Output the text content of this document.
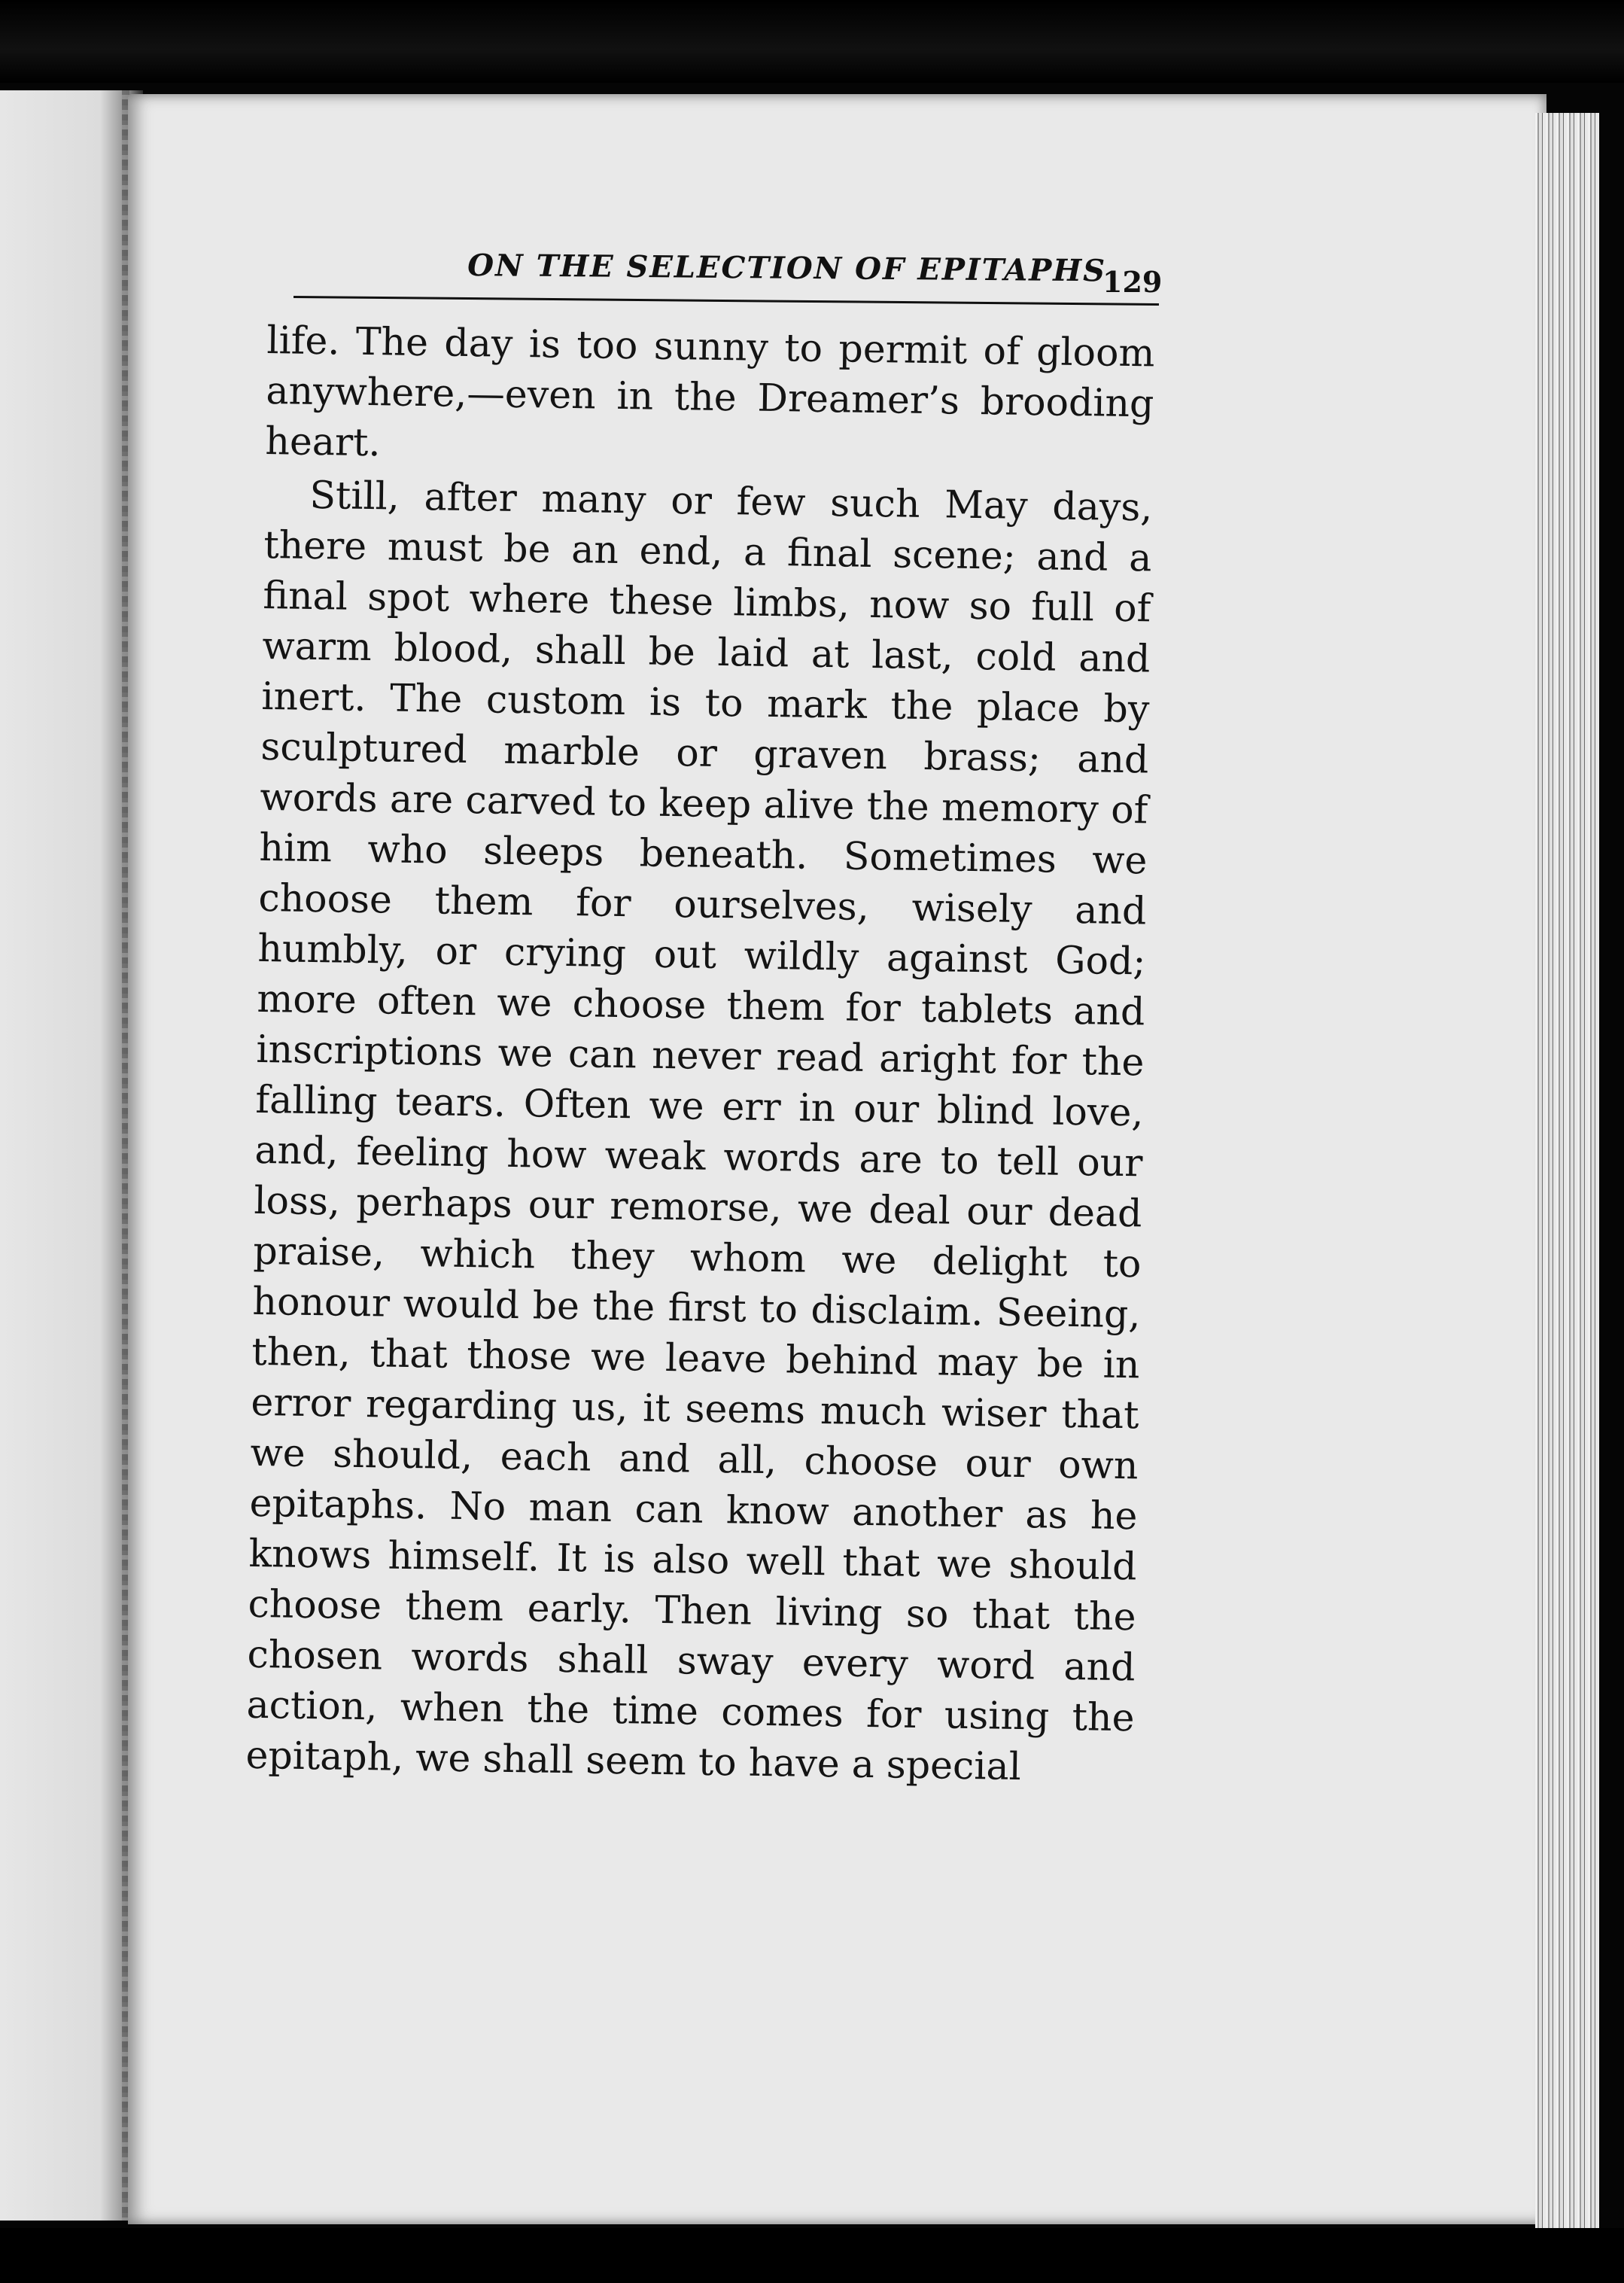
ON THE SELECTION OF EPITAPHS
129

life. The day is too sunny to permit of gloom anywhere,—even in the Dreamer’s brooding heart.

Still, after many or few such May days, there must be an end, a final scene; and a final spot where these limbs, now so full of warm blood, shall be laid at last, cold and inert. The custom is to mark the place by sculptured marble or graven brass; and words are carved to keep alive the memory of him who sleeps beneath. Sometimes we choose them for ourselves, wisely and humbly, or crying out wildly against God; more often we choose them for tablets and inscriptions we can never read aright for the falling tears. Often we err in our blind love, and, feeling how weak words are to tell our loss, perhaps our remorse, we deal our dead praise, which they whom we delight to honour would be the first to disclaim. Seeing, then, that those we leave behind may be in error regarding us, it seems much wiser that we should, each and all, choose our own epitaphs. No man can know another as he knows himself. It is also well that we should choose them early. Then living so that the chosen words shall sway every word and action, when the time comes for using the epitaph, we shall seem to have a special
